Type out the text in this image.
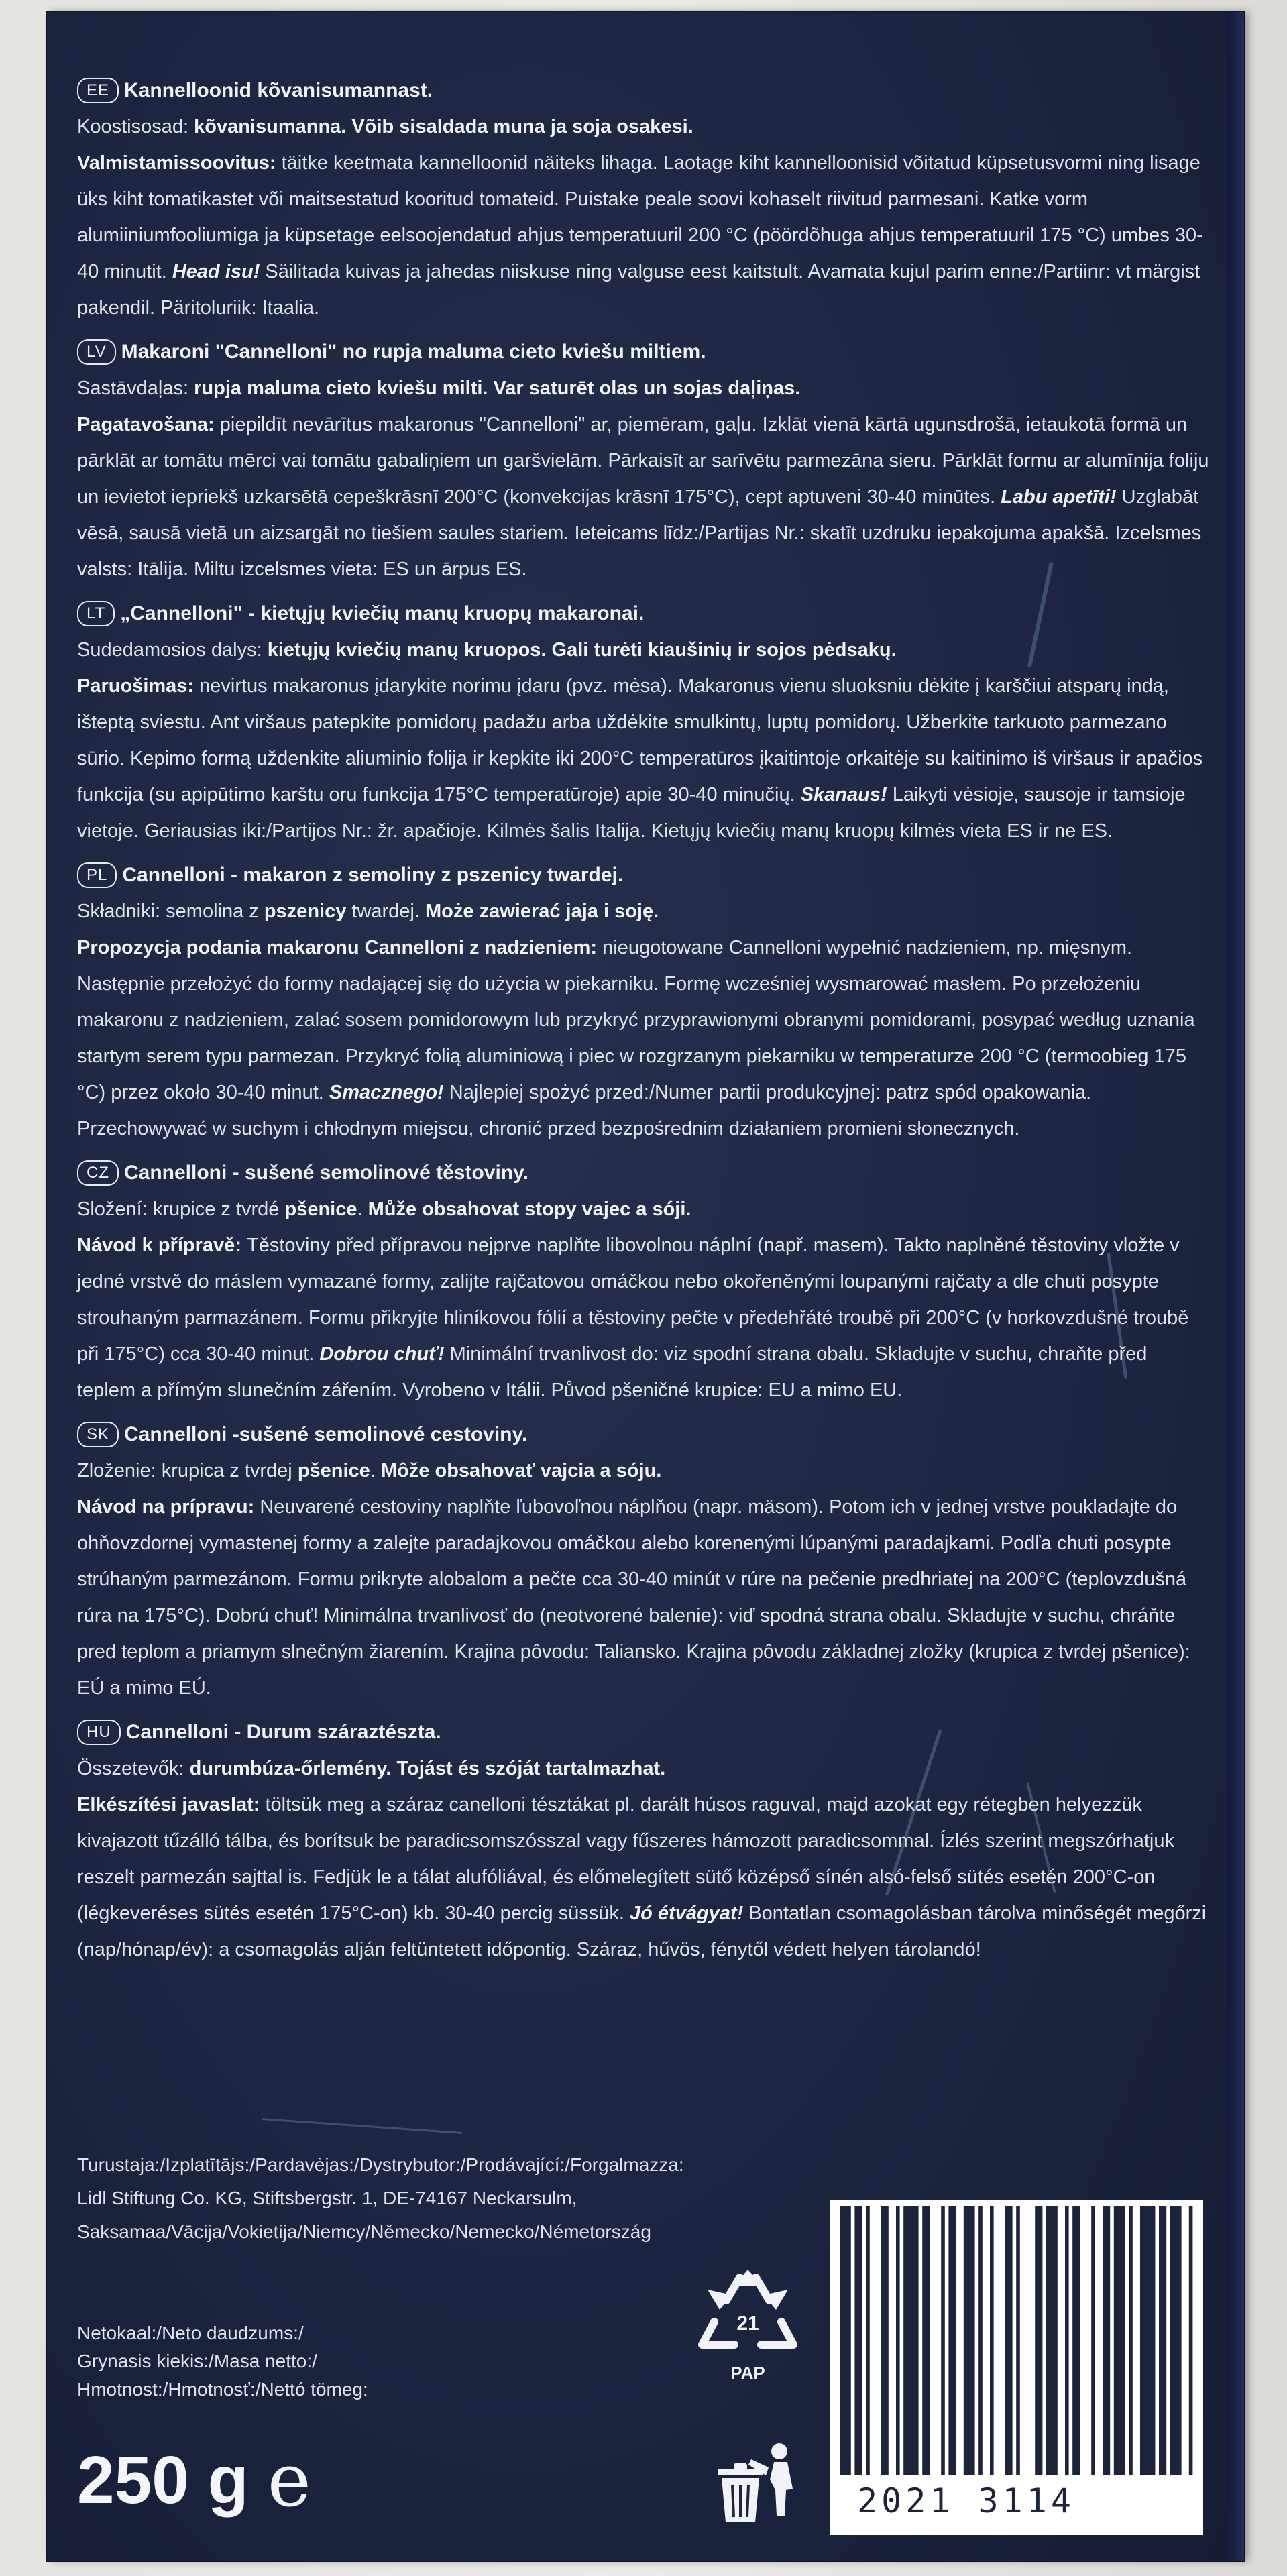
EE Kannelloonid kõvanisumannast.
Koostisosad: kõvanisumanna. Võib sisaldada muna ja soja osakesi.
Valmistamissoovitus: täitke keetmata kannelloonid näiteks lihaga. Laotage kiht kannelloonisid võitatud küpsetusvormi ning lisage üks kiht tomatikastet või maitsestatud kooritud tomateid. Puistake peale soovi kohaselt riivitud parmesani. Katke vorm alumiiniumfooliumiga ja küpsetage eelsoojendatud ahjus temperatuuril 200 °C (pöördõhuga ahjus temperatuuril 175 °C) umbes 30-40 minutit. Head isu! Säilitada kuivas ja jahedas niiskuse ning valguse eest kaitstult. Avamata kujul parim enne:/Partiinr: vt märgist pakendil. Päritoluriik: Itaalia.
LV Makaroni "Cannelloni" no rupja maluma cieto kviešu miltiem.
Sastāvdaļas: rupja maluma cieto kviešu milti. Var saturēt olas un sojas daļiņas.
Pagatavošana: piepildīt nevārītus makaronus "Cannelloni" ar, piemēram, gaļu. Izklāt vienā kārtā ugunsdrošā, ietaukotā formā un pārklāt ar tomātu mērci vai tomātu gabaliņiem un garšvielām. Pārkaisīt ar sarīvētu parmezāna sieru. Pārklāt formu ar alumīnija foliju un ievietot iepriekš uzkarsētā cepeškrāsnī 200°C (konvekcijas krāsnī 175°C), cept aptuveni 30-40 minūtes. Labu apetīti! Uzglabāt vēsā, sausā vietā un aizsargāt no tiešiem saules stariem. Ieteicams līdz:/Partijas Nr.: skatīt uzdruku iepakojuma apakšā. Izcelsmes valsts: Itālija. Miltu izcelsmes vieta: ES un ārpus ES.
LT „Cannelloni" - kietųjų kviečių manų kruopų makaronai.
Sudedamosios dalys: kietųjų kviečių manų kruopos. Gali turėti kiaušinių ir sojos pėdsakų.
Paruošimas: nevirtus makaronus įdarykite norimu įdaru (pvz. mėsa). Makaronus vienu sluoksniu dėkite į karščiui atsparų indą, išteptą sviestu. Ant viršaus patepkite pomidorų padažu arba uždėkite smulkintų, luptų pomidorų. Užberkite tarkuoto parmezano sūrio. Kepimo formą uždenkite aliuminio folija ir kepkite iki 200°C temperatūros įkaitintoje orkaitėje su kaitinimo iš viršaus ir apačios funkcija (su apipūtimo karštu oru funkcija 175°C temperatūroje) apie 30-40 minučių. Skanaus! Laikyti vėsioje, sausoje ir tamsioje vietoje. Geriausias iki:/Partijos Nr.: žr. apačioje. Kilmės šalis Italija. Kietųjų kviečių manų kruopų kilmės vieta ES ir ne ES.
PL Cannelloni - makaron z semoliny z pszenicy twardej.
Składniki: semolina z pszenicy twardej. Może zawierać jaja i soję.
Propozycja podania makaronu Cannelloni z nadzieniem: nieugotowane Cannelloni wypełnić nadzieniem, np. mięsnym. Następnie przełożyć do formy nadającej się do użycia w piekarniku. Formę wcześniej wysmarować masłem. Po przełożeniu makaronu z nadzieniem, zalać sosem pomidorowym lub przykryć przyprawionymi obranymi pomidorami, posypać według uznania startym serem typu parmezan. Przykryć folią aluminiową i piec w rozgrzanym piekarniku w temperaturze 200 °C (termoobieg 175 °C) przez około 30-40 minut. Smacznego! Najlepiej spożyć przed:/Numer partii produkcyjnej: patrz spód opakowania. Przechowywać w suchym i chłodnym miejscu, chronić przed bezpośrednim działaniem promieni słonecznych.
CZ Cannelloni - sušené semolinové těstoviny.
Složení: krupice z tvrdé pšenice. Může obsahovat stopy vajec a sóji.
Návod k přípravě: Těstoviny před přípravou nejprve naplňte libovolnou náplní (např. masem). Takto naplněné těstoviny vložte v jedné vrstvě do máslem vymazané formy, zalijte rajčatovou omáčkou nebo okořeněnými loupanými rajčaty a dle chuti posypte strouhaným parmazánem. Formu přikryjte hliníkovou fólií a těstoviny pečte v předehřáté troubě při 200°C (v horkovzdušné troubě při 175°C) cca 30-40 minut. Dobrou chuť! Minimální trvanlivost do: viz spodní strana obalu. Skladujte v suchu, chraňte před teplem a přímým slunečním zářením. Vyrobeno v Itálii. Původ pšeničné krupice: EU a mimo EU.
SK Cannelloni -sušené semolinové cestoviny.
Zloženie: krupica z tvrdej pšenice. Môže obsahovať vajcia a sóju.
Návod na prípravu: Neuvarené cestoviny naplňte ľubovoľnou náplňou (napr. mäsom). Potom ich v jednej vrstve poukladajte do ohňovzdornej vymastenej formy a zalejte paradajkovou omáčkou alebo korenenými lúpanými paradajkami. Podľa chuti posypte strúhaným parmezánom. Formu prikryte alobalom a pečte cca 30-40 minút v rúre na pečenie predhriatej na 200°C (teplovzdušná rúra na 175°C). Dobrú chuť! Minimálna trvanlivosť do (neotvorené balenie): viď spodná strana obalu. Skladujte v suchu, chráňte pred teplom a priamym slnečným žiarením. Krajina pôvodu: Taliansko. Krajina pôvodu základnej zložky (krupica z tvrdej pšenice): EÚ a mimo EÚ.
HU Cannelloni - Durum száraztészta.
Összetevők: durumbúza-őrlemény. Tojást és szóját tartalmazhat.
Elkészítési javaslat: töltsük meg a száraz canelloni tésztákat pl. darált húsos raguval, majd azokat egy rétegben helyezzük kivajazott tűzálló tálba, és borítsuk be paradicsomszósszal vagy fűszeres hámozott paradicsommal. Ízlés szerint megszórhatjuk reszelt parmezán sajttal is. Fedjük le a tálat alufóliával, és előmelegített sütő középső sínén alsó-felső sütés esetén 200°C-on (légkeveréses sütés esetén 175°C-on) kb. 30-40 percig süssük. Jó étvágyat! Bontatlan csomagolásban tárolva minőségét megőrzi (nap/hónap/év): a csomagolás alján feltüntetett időpontig. Száraz, hűvös, fénytől védett helyen tárolandó!
Turustaja:/Izplatītājs:/Pardavėjas:/Dystrybutor:/Prodávající:/Forgalmazza:
Lidl Stiftung Co. KG, Stiftsbergstr. 1, DE-74167 Neckarsulm,
Saksamaa/Vācija/Vokietija/Niemcy/Německo/Nemecko/Németország
Netokaal:/Neto daudzums:/
Grynasis kiekis:/Masa netto:/
Hmotnost:/Hmotnosť:/Nettó tömeg:
250 g e
21
PAP
2021 3114
